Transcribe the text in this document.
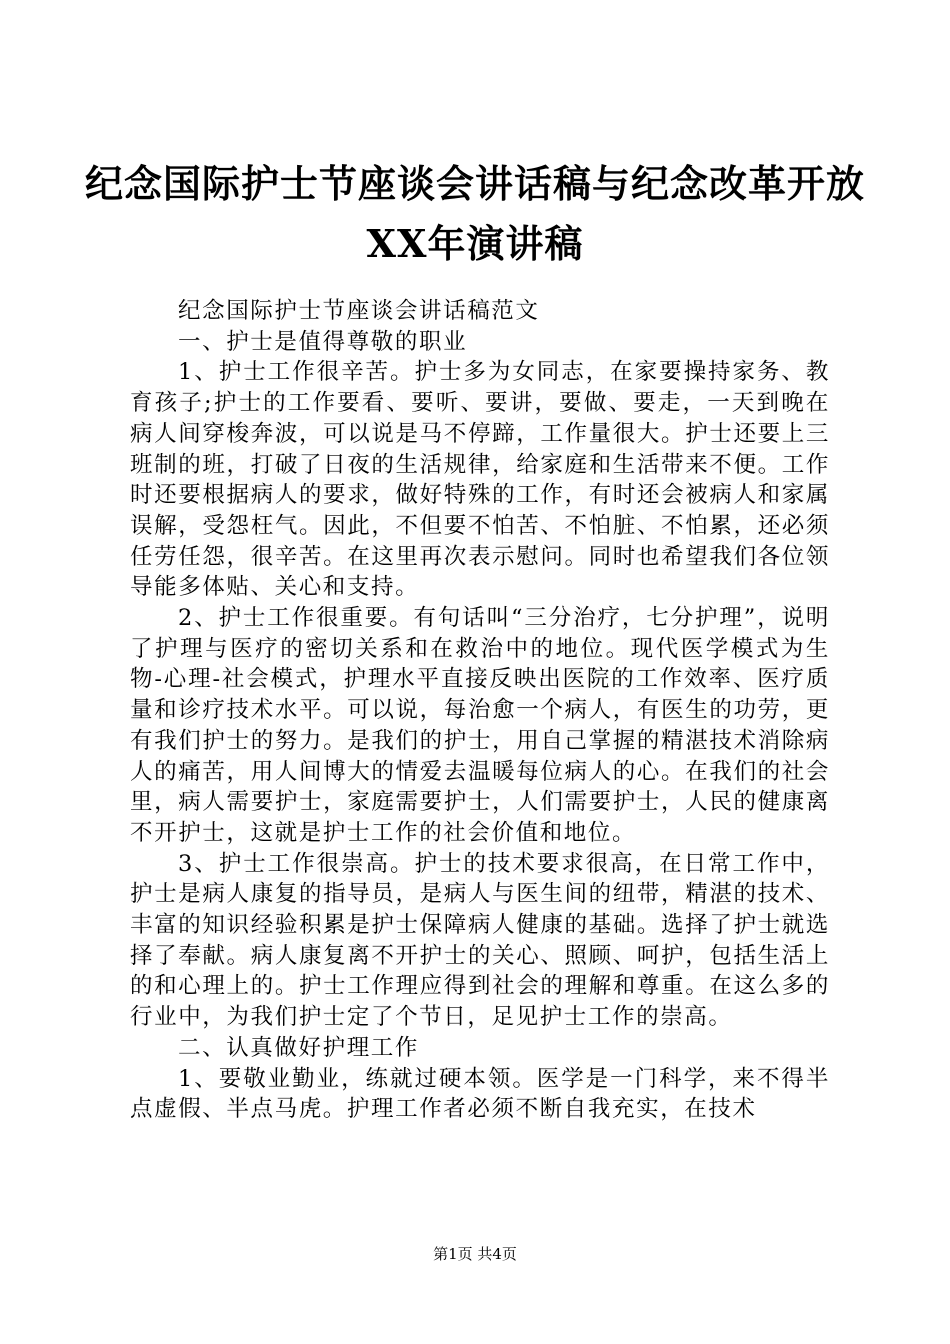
纪念国际护士节座谈会讲话稿与纪念改革开放
XX年演讲稿

纪念国际护士节座谈会讲话稿范文

一、护士是值得尊敬的职业

1、护士工作很辛苦。护士多为女同志，在家要操持家务、教育孩子;护士的工作要看、要听、要讲，要做、要走，一天到晚在病人间穿梭奔波，可以说是马不停蹄，工作量很大。护士还要上三班制的班，打破了日夜的生活规律，给家庭和生活带来不便。工作时还要根据病人的要求，做好特殊的工作，有时还会被病人和家属误解，受怨枉气。因此，不但要不怕苦、不怕脏、不怕累，还必须任劳任怨，很辛苦。在这里再次表示慰问。同时也希望我们各位领导能多体贴、关心和支持。

2、护士工作很重要。有句话叫“三分治疗，七分护理”，说明了护理与医疗的密切关系和在救治中的地位。现代医学模式为生物-心理-社会模式，护理水平直接反映出医院的工作效率、医疗质量和诊疗技术水平。可以说，每治愈一个病人，有医生的功劳，更有我们护士的努力。是我们的护士，用自己掌握的精湛技术消除病人的痛苦，用人间博大的情爱去温暖每位病人的心。在我们的社会里，病人需要护士，家庭需要护士，人们需要护士，人民的健康离不开护士，这就是护士工作的社会价值和地位。

3、护士工作很崇高。护士的技术要求很高，在日常工作中，护士是病人康复的指导员，是病人与医生间的纽带，精湛的技术、丰富的知识经验积累是护士保障病人健康的基础。选择了护士就选择了奉献。病人康复离不开护士的关心、照顾、呵护，包括生活上的和心理上的。护士工作理应得到社会的理解和尊重。在这么多的行业中，为我们护士定了个节日，足见护士工作的崇高。

二、认真做好护理工作

1、要敬业勤业，练就过硬本领。医学是一门科学，来不得半点虚假、半点马虎。护理工作者必须不断自我充实，在技术

第1页 共4页
